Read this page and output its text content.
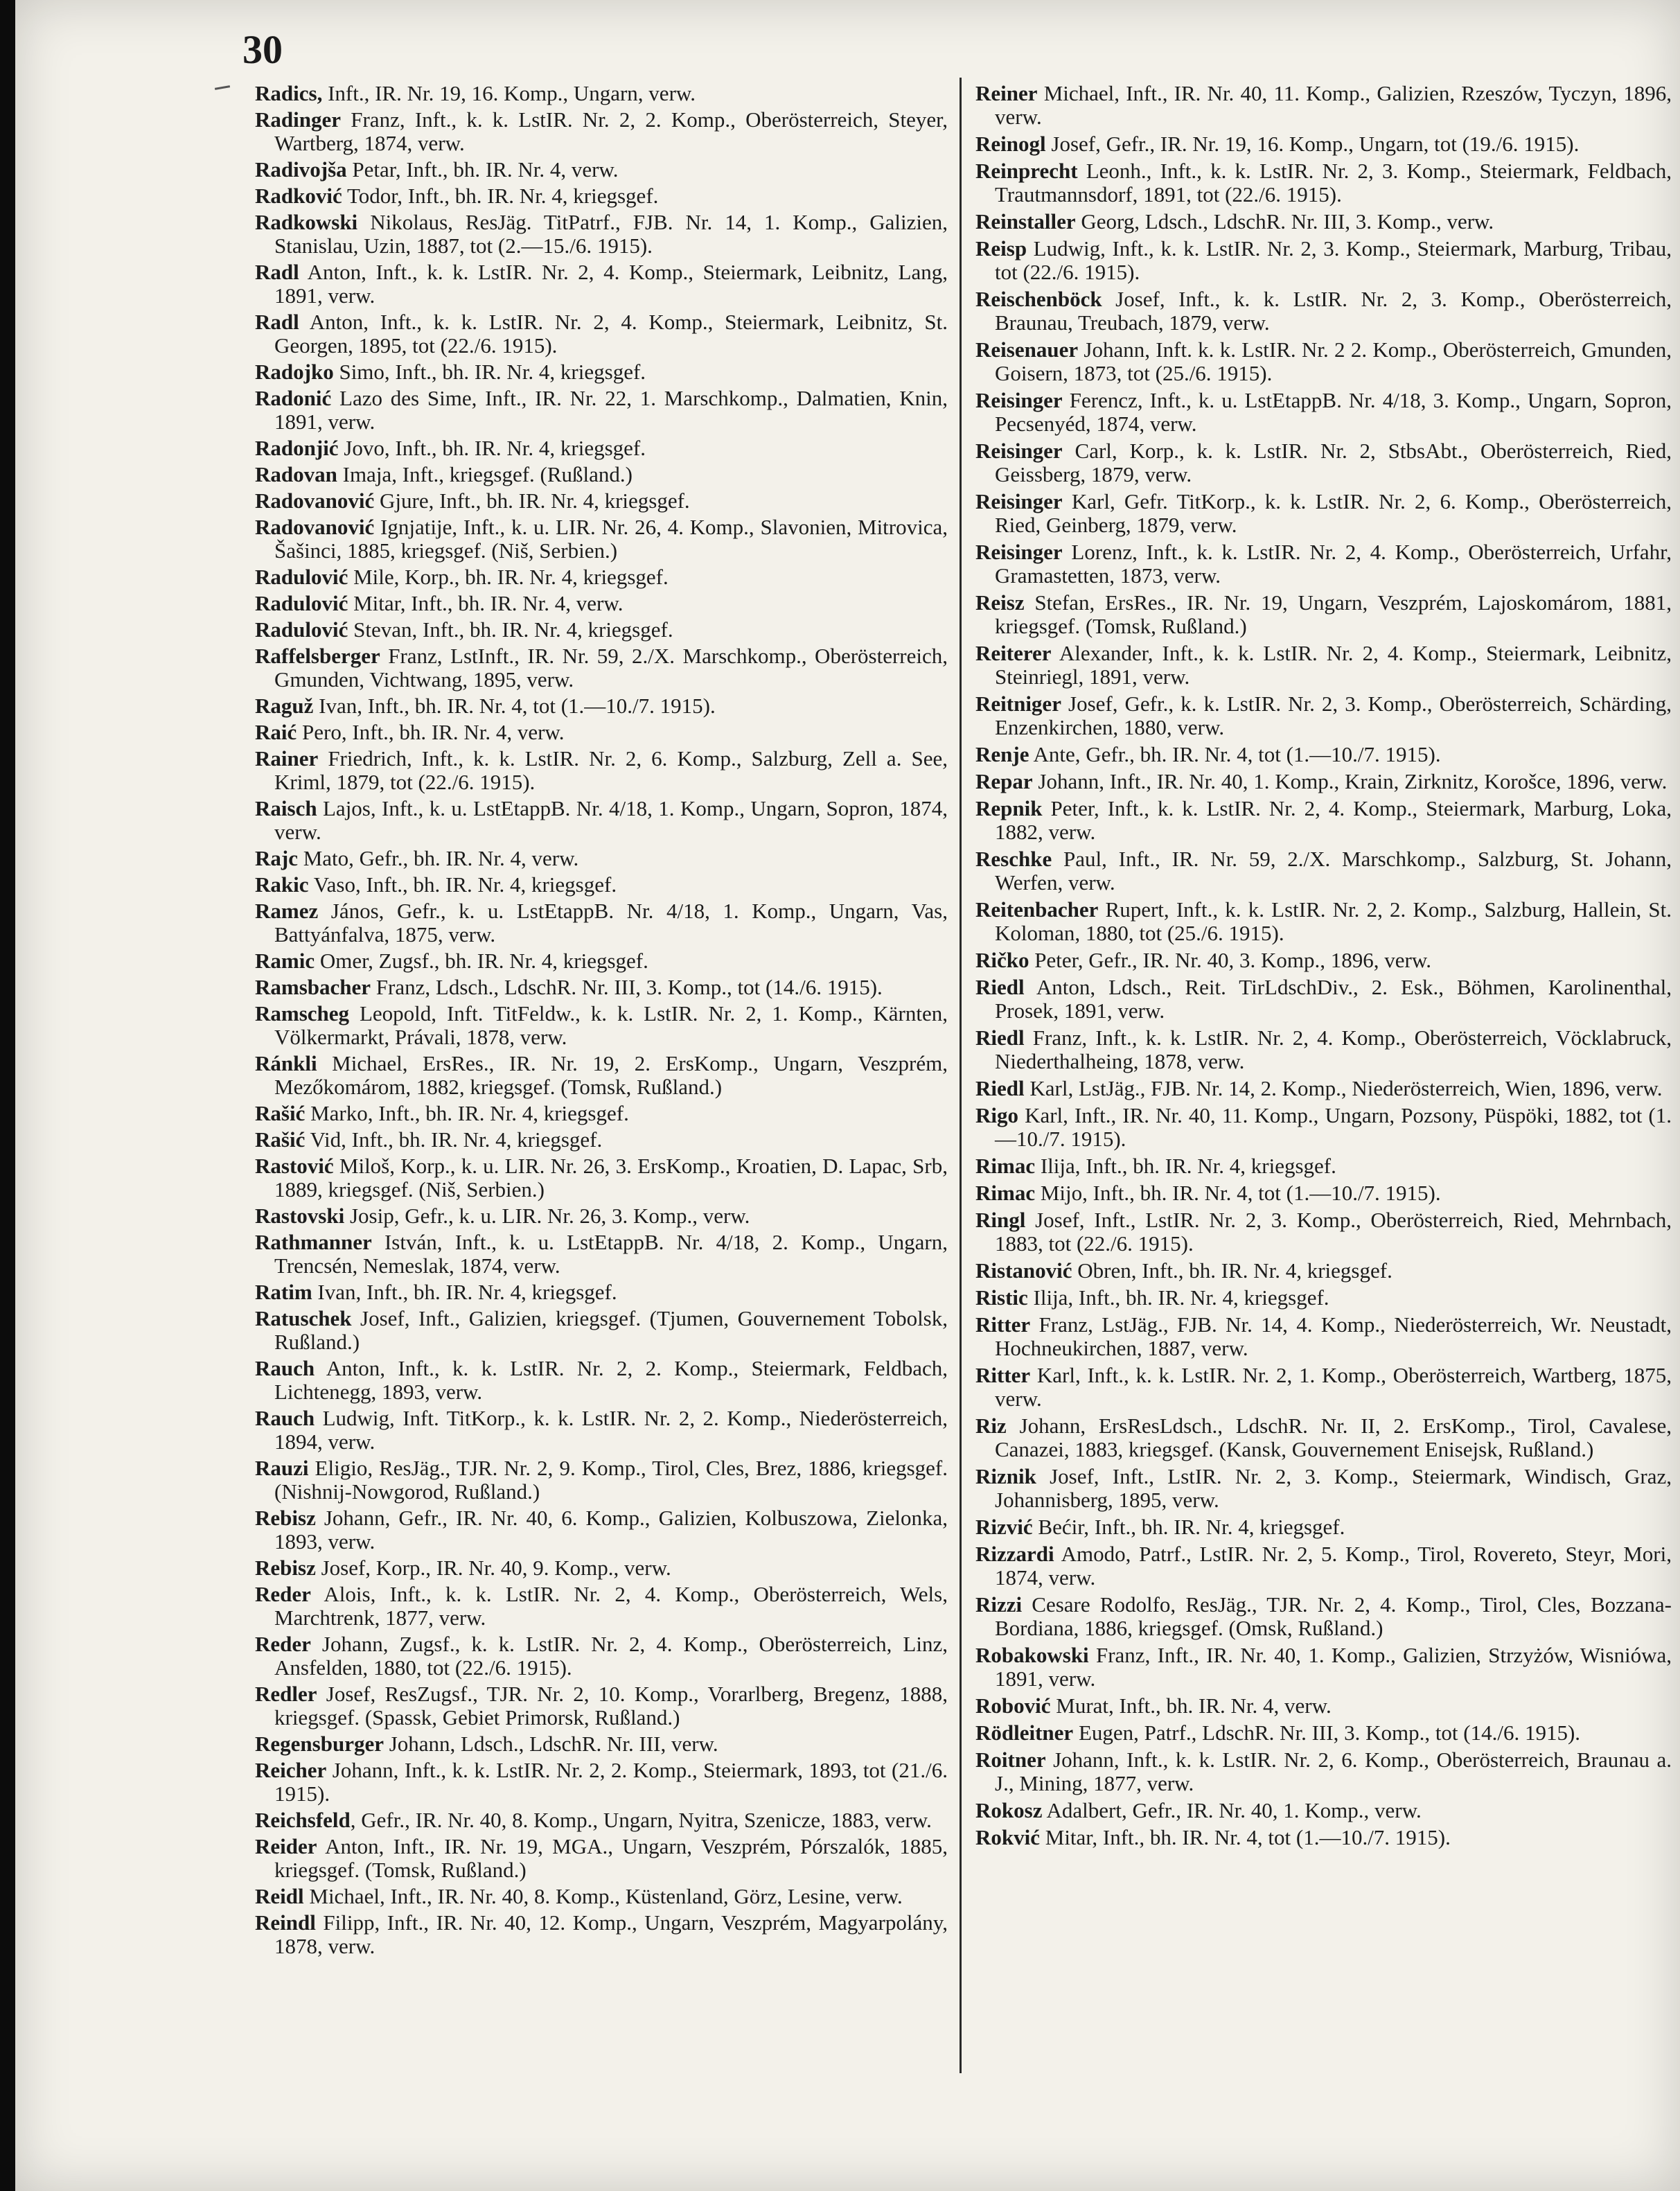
30

Radics, Inft., IR. Nr. 19, 16. Komp., Ungarn, verw.

Radinger Franz, Inft., k. k. LstIR. Nr. 2, 2. Komp., Oberösterreich, Steyer, Wartberg, 1874, verw.

Radivojša Petar, Inft., bh. IR. Nr. 4, verw.

Radković Todor, Inft., bh. IR. Nr. 4, kriegsgef.

Radkowski Nikolaus, ResJäg. TitPatrf., FJB. Nr. 14, 1. Komp., Galizien, Stanislau, Uzin, 1887, tot (2.—15./6. 1915).

Radl Anton, Inft., k. k. LstIR. Nr. 2, 4. Komp., Steiermark, Leibnitz, Lang, 1891, verw.

Radl Anton, Inft., k. k. LstIR. Nr. 2, 4. Komp., Steiermark, Leibnitz, St. Georgen, 1895, tot (22./6. 1915).

Radojko Simo, Inft., bh. IR. Nr. 4, kriegsgef.

Radonić Lazo des Sime, Inft., IR. Nr. 22, 1. Marschkomp., Dalmatien, Knin, 1891, verw.

Radonjić Jovo, Inft., bh. IR. Nr. 4, kriegsgef.

Radovan Imaja, Inft., kriegsgef. (Rußland.)

Radovanović Gjure, Inft., bh. IR. Nr. 4, kriegsgef.

Radovanović Ignjatije, Inft., k. u. LIR. Nr. 26, 4. Komp., Slavonien, Mitrovica, Šašinci, 1885, kriegsgef. (Niš, Serbien.)

Radulović Mile, Korp., bh. IR. Nr. 4, kriegsgef.

Radulović Mitar, Inft., bh. IR. Nr. 4, verw.

Radulović Stevan, Inft., bh. IR. Nr. 4, kriegsgef.

Raffelsberger Franz, LstInft., IR. Nr. 59, 2./X. Marschkomp., Oberösterreich, Gmunden, Vichtwang, 1895, verw.

Raguž Ivan, Inft., bh. IR. Nr. 4, tot (1.—10./7. 1915).

Raić Pero, Inft., bh. IR. Nr. 4, verw.

Rainer Friedrich, Inft., k. k. LstIR. Nr. 2, 6. Komp., Salzburg, Zell a. See, Kriml, 1879, tot (22./6. 1915).

Raisch Lajos, Inft., k. u. LstEtappB. Nr. 4/18, 1. Komp., Ungarn, Sopron, 1874, verw.

Rajc Mato, Gefr., bh. IR. Nr. 4, verw.

Rakic Vaso, Inft., bh. IR. Nr. 4, kriegsgef.

Ramez János, Gefr., k. u. LstEtappB. Nr. 4/18, 1. Komp., Ungarn, Vas, Battyánfalva, 1875, verw.

Ramic Omer, Zugsf., bh. IR. Nr. 4, kriegsgef.

Ramsbacher Franz, Ldsch., LdschR. Nr. III, 3. Komp., tot (14./6. 1915).

Ramscheg Leopold, Inft. TitFeldw., k. k. LstIR. Nr. 2, 1. Komp., Kärnten, Völkermarkt, Právali, 1878, verw.

Ránkli Michael, ErsRes., IR. Nr. 19, 2. ErsKomp., Ungarn, Veszprém, Mezőkomárom, 1882, kriegsgef. (Tomsk, Rußland.)

Rašić Marko, Inft., bh. IR. Nr. 4, kriegsgef.

Rašić Vid, Inft., bh. IR. Nr. 4, kriegsgef.

Rastović Miloš, Korp., k. u. LIR. Nr. 26, 3. ErsKomp., Kroatien, D. Lapac, Srb, 1889, kriegsgef. (Niš, Serbien.)

Rastovski Josip, Gefr., k. u. LIR. Nr. 26, 3. Komp., verw.

Rathmanner István, Inft., k. u. LstEtappB. Nr. 4/18, 2. Komp., Ungarn, Trencsén, Nemeslak, 1874, verw.

Ratim Ivan, Inft., bh. IR. Nr. 4, kriegsgef.

Ratuschek Josef, Inft., Galizien, kriegsgef. (Tjumen, Gouvernement Tobolsk, Rußland.)

Rauch Anton, Inft., k. k. LstIR. Nr. 2, 2. Komp., Steiermark, Feldbach, Lichtenegg, 1893, verw.

Rauch Ludwig, Inft. TitKorp., k. k. LstIR. Nr. 2, 2. Komp., Niederösterreich, 1894, verw.

Rauzi Eligio, ResJäg., TJR. Nr. 2, 9. Komp., Tirol, Cles, Brez, 1886, kriegsgef. (Nishnij-Nowgorod, Rußland.)

Rebisz Johann, Gefr., IR. Nr. 40, 6. Komp., Galizien, Kolbuszowa, Zielonka, 1893, verw.

Rebisz Josef, Korp., IR. Nr. 40, 9. Komp., verw.

Reder Alois, Inft., k. k. LstIR. Nr. 2, 4. Komp., Oberösterreich, Wels, Marchtrenk, 1877, verw.

Reder Johann, Zugsf., k. k. LstIR. Nr. 2, 4. Komp., Oberösterreich, Linz, Ansfelden, 1880, tot (22./6. 1915).

Redler Josef, ResZugsf., TJR. Nr. 2, 10. Komp., Vorarlberg, Bregenz, 1888, kriegsgef. (Spassk, Gebiet Primorsk, Rußland.)

Regensburger Johann, Ldsch., LdschR. Nr. III, verw.

Reicher Johann, Inft., k. k. LstIR. Nr. 2, 2. Komp., Steiermark, 1893, tot (21./6. 1915).

Reichsfeld, Gefr., IR. Nr. 40, 8. Komp., Ungarn, Nyitra, Szenicze, 1883, verw.

Reider Anton, Inft., IR. Nr. 19, MGA., Ungarn, Veszprém, Pórszalók, 1885, kriegsgef. (Tomsk, Rußland.)

Reidl Michael, Inft., IR. Nr. 40, 8. Komp., Küstenland, Görz, Lesine, verw.

Reindl Filipp, Inft., IR. Nr. 40, 12. Komp., Ungarn, Veszprém, Magyarpolány, 1878, verw.

Reiner Michael, Inft., IR. Nr. 40, 11. Komp., Galizien, Rzeszów, Tyczyn, 1896, verw.

Reinogl Josef, Gefr., IR. Nr. 19, 16. Komp., Ungarn, tot (19./6. 1915).

Reinprecht Leonh., Inft., k. k. LstIR. Nr. 2, 3. Komp., Steiermark, Feldbach, Trautmannsdorf, 1891, tot (22./6. 1915).

Reinstaller Georg, Ldsch., LdschR. Nr. III, 3. Komp., verw.

Reisp Ludwig, Inft., k. k. LstIR. Nr. 2, 3. Komp., Steiermark, Marburg, Tribau, tot (22./6. 1915).

Reischenböck Josef, Inft., k. k. LstIR. Nr. 2, 3. Komp., Oberösterreich, Braunau, Treubach, 1879, verw.

Reisenauer Johann, Inft. k. k. LstIR. Nr. 2 2. Komp., Oberösterreich, Gmunden, Goisern, 1873, tot (25./6. 1915).

Reisinger Ferencz, Inft., k. u. LstEtappB. Nr. 4/18, 3. Komp., Ungarn, Sopron, Pecsenyéd, 1874, verw.

Reisinger Carl, Korp., k. k. LstIR. Nr. 2, StbsAbt., Oberösterreich, Ried, Geissberg, 1879, verw.

Reisinger Karl, Gefr. TitKorp., k. k. LstIR. Nr. 2, 6. Komp., Oberösterreich, Ried, Geinberg, 1879, verw.

Reisinger Lorenz, Inft., k. k. LstIR. Nr. 2, 4. Komp., Oberösterreich, Urfahr, Gramastetten, 1873, verw.

Reisz Stefan, ErsRes., IR. Nr. 19, Ungarn, Veszprém, Lajoskomárom, 1881, kriegsgef. (Tomsk, Rußland.)

Reiterer Alexander, Inft., k. k. LstIR. Nr. 2, 4. Komp., Steiermark, Leibnitz, Steinriegl, 1891, verw.

Reitniger Josef, Gefr., k. k. LstIR. Nr. 2, 3. Komp., Oberösterreich, Schärding, Enzenkirchen, 1880, verw.

Renje Ante, Gefr., bh. IR. Nr. 4, tot (1.—10./7. 1915).

Repar Johann, Inft., IR. Nr. 40, 1. Komp., Krain, Zirknitz, Korošce, 1896, verw.

Repnik Peter, Inft., k. k. LstIR. Nr. 2, 4. Komp., Steiermark, Marburg, Loka, 1882, verw.

Reschke Paul, Inft., IR. Nr. 59, 2./X. Marschkomp., Salzburg, St. Johann, Werfen, verw.

Reitenbacher Rupert, Inft., k. k. LstIR. Nr. 2, 2. Komp., Salzburg, Hallein, St. Koloman, 1880, tot (25./6. 1915).

Ričko Peter, Gefr., IR. Nr. 40, 3. Komp., 1896, verw.

Riedl Anton, Ldsch., Reit. TirLdschDiv., 2. Esk., Böhmen, Karolinenthal, Prosek, 1891, verw.

Riedl Franz, Inft., k. k. LstIR. Nr. 2, 4. Komp., Oberösterreich, Vöcklabruck, Niederthalheing, 1878, verw.

Riedl Karl, LstJäg., FJB. Nr. 14, 2. Komp., Niederösterreich, Wien, 1896, verw.

Rigo Karl, Inft., IR. Nr. 40, 11. Komp., Ungarn, Pozsony, Püspöki, 1882, tot (1.—10./7. 1915).

Rimac Ilija, Inft., bh. IR. Nr. 4, kriegsgef.

Rimac Mijo, Inft., bh. IR. Nr. 4, tot (1.—10./7. 1915).

Ringl Josef, Inft., LstIR. Nr. 2, 3. Komp., Oberösterreich, Ried, Mehrnbach, 1883, tot (22./6. 1915).

Ristanović Obren, Inft., bh. IR. Nr. 4, kriegsgef.

Ristic Ilija, Inft., bh. IR. Nr. 4, kriegsgef.

Ritter Franz, LstJäg., FJB. Nr. 14, 4. Komp., Niederösterreich, Wr. Neustadt, Hochneukirchen, 1887, verw.

Ritter Karl, Inft., k. k. LstIR. Nr. 2, 1. Komp., Oberösterreich, Wartberg, 1875, verw.

Riz Johann, ErsResLdsch., LdschR. Nr. II, 2. ErsKomp., Tirol, Cavalese, Canazei, 1883, kriegsgef. (Kansk, Gouvernement Enisejsk, Rußland.)

Riznik Josef, Inft., LstIR. Nr. 2, 3. Komp., Steiermark, Windisch, Graz, Johannisberg, 1895, verw.

Rizvić Bećir, Inft., bh. IR. Nr. 4, kriegsgef.

Rizzardi Amodo, Patrf., LstIR. Nr. 2, 5. Komp., Tirol, Rovereto, Steyr, Mori, 1874, verw.

Rizzi Cesare Rodolfo, ResJäg., TJR. Nr. 2, 4. Komp., Tirol, Cles, Bozzana-Bordiana, 1886, kriegsgef. (Omsk, Rußland.)

Robakowski Franz, Inft., IR. Nr. 40, 1. Komp., Galizien, Strzyżów, Wisniówa, 1891, verw.

Robović Murat, Inft., bh. IR. Nr. 4, verw.

Rödleitner Eugen, Patrf., LdschR. Nr. III, 3. Komp., tot (14./6. 1915).

Roitner Johann, Inft., k. k. LstIR. Nr. 2, 6. Komp., Oberösterreich, Braunau a. J., Mining, 1877, verw.

Rokosz Adalbert, Gefr., IR. Nr. 40, 1. Komp., verw.

Rokvić Mitar, Inft., bh. IR. Nr. 4, tot (1.—10./7. 1915).
